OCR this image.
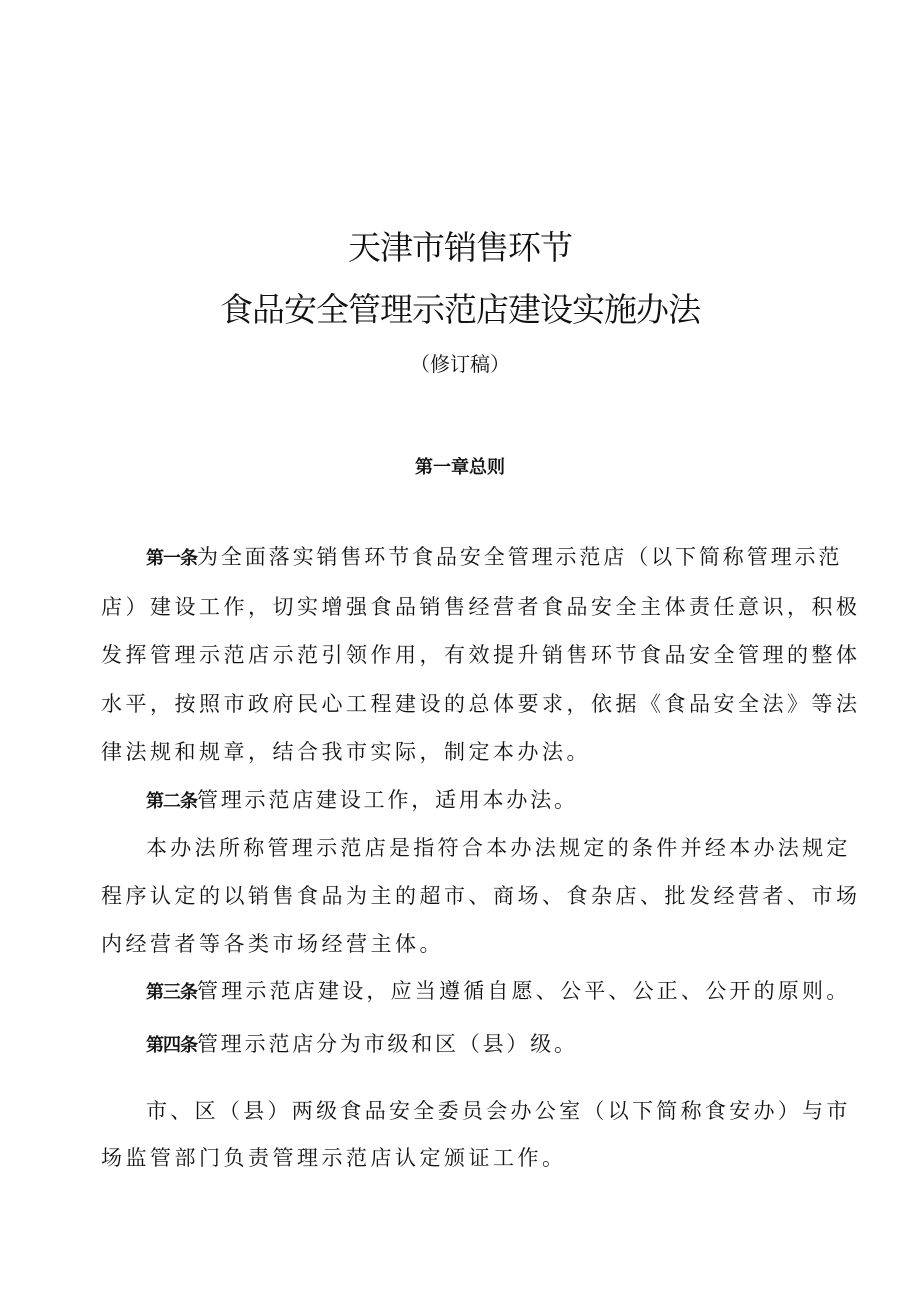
天津市销售环节
食品安全管理示范店建设实施办法
（修订稿）
第一章总则
第一条为全面落实销售环节食品安全管理示范店（以下简称管理示范
店）建设工作，切实增强食品销售经营者食品安全主体责任意识，积极
发挥管理示范店示范引领作用，有效提升销售环节食品安全管理的整体
水平，按照市政府民心工程建设的总体要求，依据《食品安全法》等法
律法规和规章，结合我市实际，制定本办法。
第二条管理示范店建设工作，适用本办法。
本办法所称管理示范店是指符合本办法规定的条件并经本办法规定
程序认定的以销售食品为主的超市、商场、食杂店、批发经营者、市场
内经营者等各类市场经营主体。
第三条管理示范店建设，应当遵循自愿、公平、公正、公开的原则。
第四条管理示范店分为市级和区（县）级。
市、区（县）两级食品安全委员会办公室（以下简称食安办）与市
场监管部门负责管理示范店认定颁证工作。
